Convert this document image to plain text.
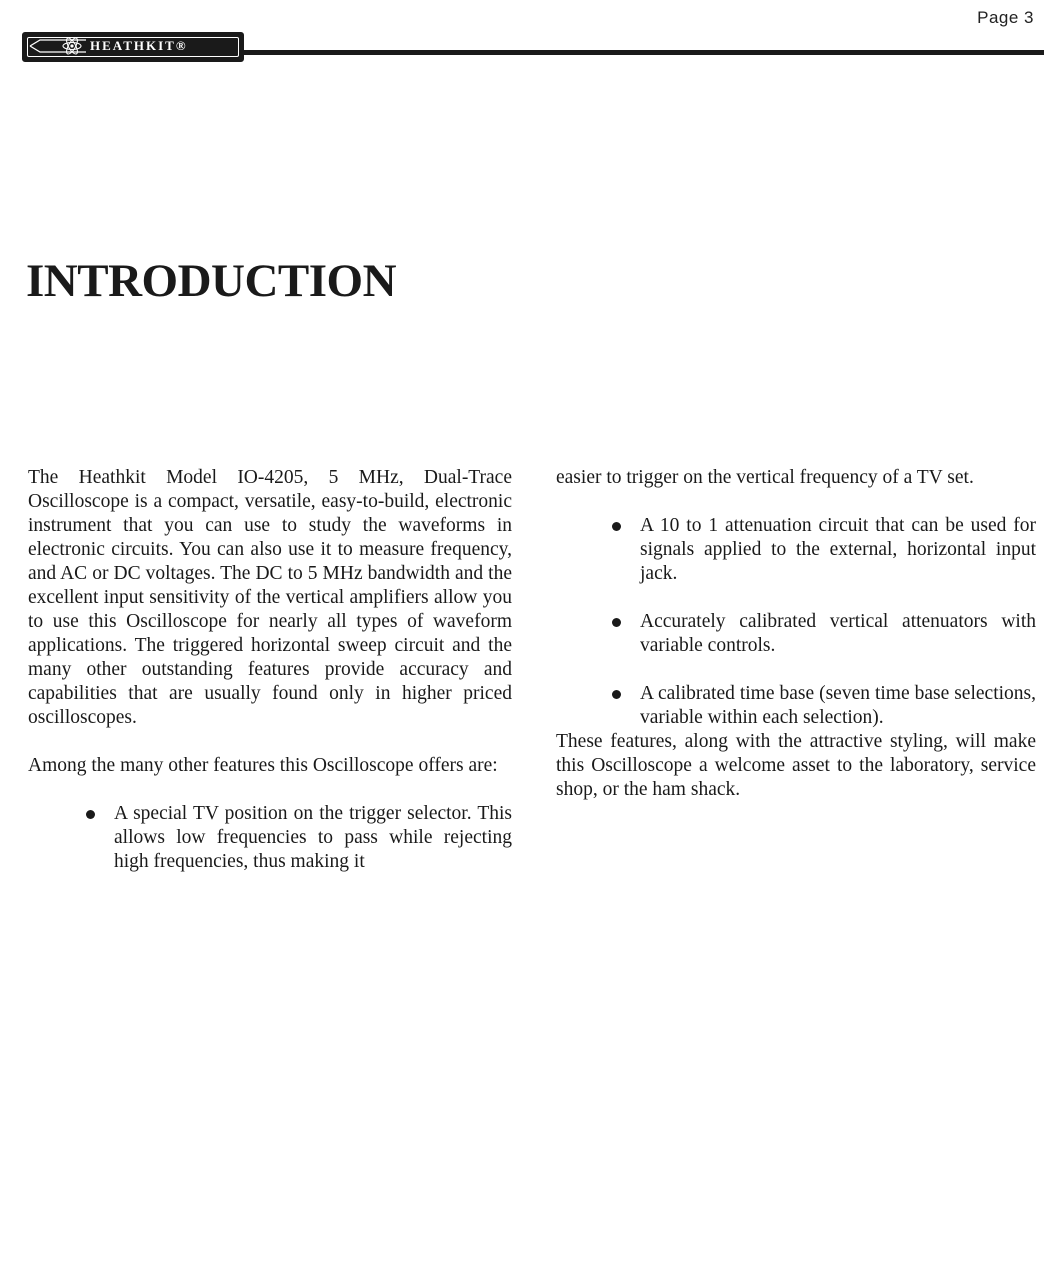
Page 3
HEATHKIT®
INTRODUCTION

The Heathkit Model IO-4205, 5 MHz, Dual-Trace Oscilloscope is a compact, versatile, easy-to-build, electronic instrument that you can use to study the waveforms in electronic circuits. You can also use it to measure frequency, and AC or DC voltages. The DC to 5 MHz bandwidth and the excellent input sensitivity of the vertical amplifiers allow you to use this Oscilloscope for nearly all types of waveform applications. The triggered horizontal sweep circuit and the many other outstanding features provide accuracy and capabilities that are usually found only in higher priced oscilloscopes.

Among the many other features this Oscilloscope offers are:

A special TV position on the trigger selector. This allows low frequencies to pass while rejecting high frequencies, thus making it

easier to trigger on the vertical frequency of a TV set.

A 10 to 1 attenuation circuit that can be used for signals applied to the external, horizontal input jack.

Accurately calibrated vertical attenuators with variable controls.

A calibrated time base (seven time base selections, variable within each selection).

These features, along with the attractive styling, will make this Oscilloscope a welcome asset to the laboratory, service shop, or the ham shack.
